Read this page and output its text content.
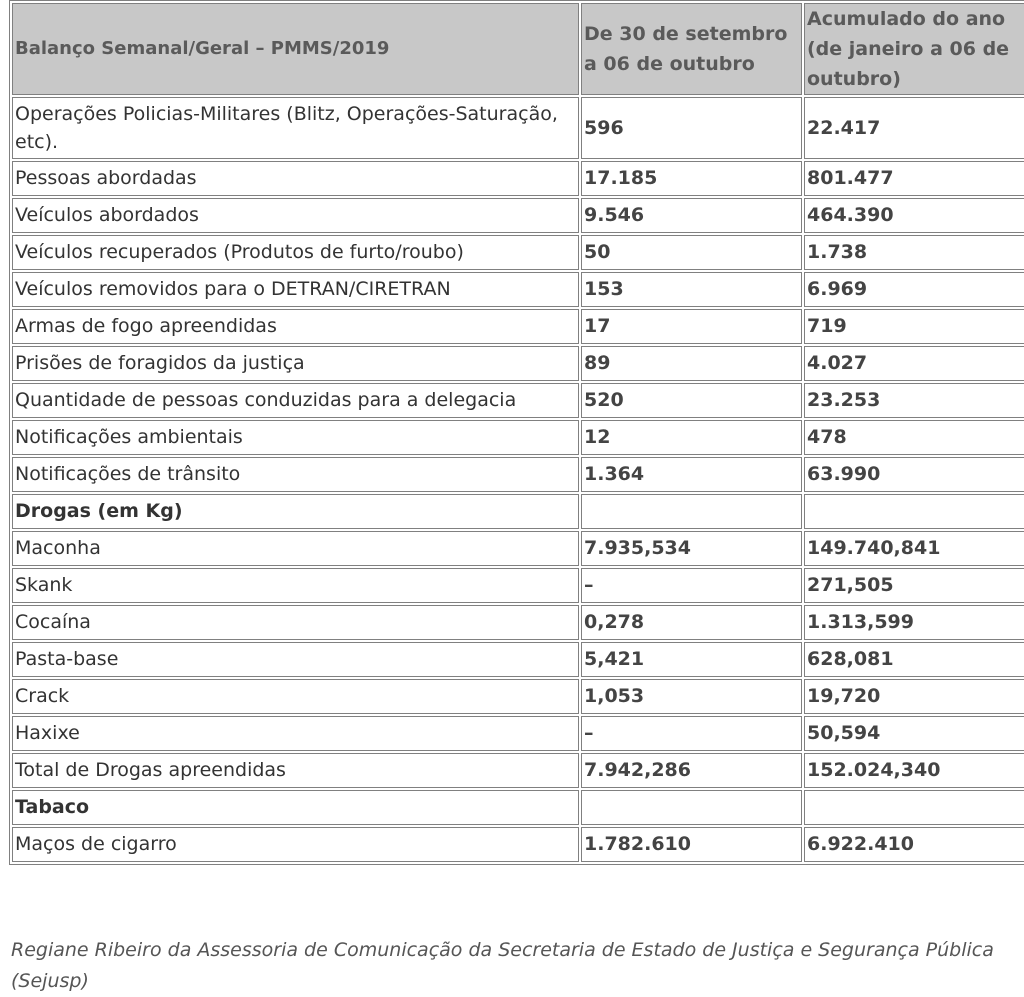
Balanço Semanal/Geral – PMMS/2019	De 30 de setembro a 06 de outubro	Acumulado do ano (de janeiro a 06 de outubro)
Operações Policias-Militares (Blitz, Operações-Saturação, etc).	596	22.417
Pessoas abordadas	17.185	801.477
Veículos abordados	9.546	464.390
Veículos recuperados (Produtos de furto/roubo)	50	1.738
Veículos removidos para o DETRAN/CIRETRAN	153	6.969
Armas de fogo apreendidas	17	719
Prisões de foragidos da justiça	89	4.027
Quantidade de pessoas conduzidas para a delegacia	520	23.253
Notificações ambientais	12	478
Notificações de trânsito	1.364	63.990
Drogas (em Kg)		
Maconha	7.935,534	149.740,841
Skank	–	271,505
Cocaína	0,278	1.313,599
Pasta-base	5,421	628,081
Crack	1,053	19,720
Haxixe	–	50,594
Total de Drogas apreendidas	7.942,286	152.024,340
Tabaco		
Maços de cigarro	1.782.610	6.922.410

Regiane Ribeiro da Assessoria de Comunicação da Secretaria de Estado de Justiça e Segurança Pública (Sejusp)
